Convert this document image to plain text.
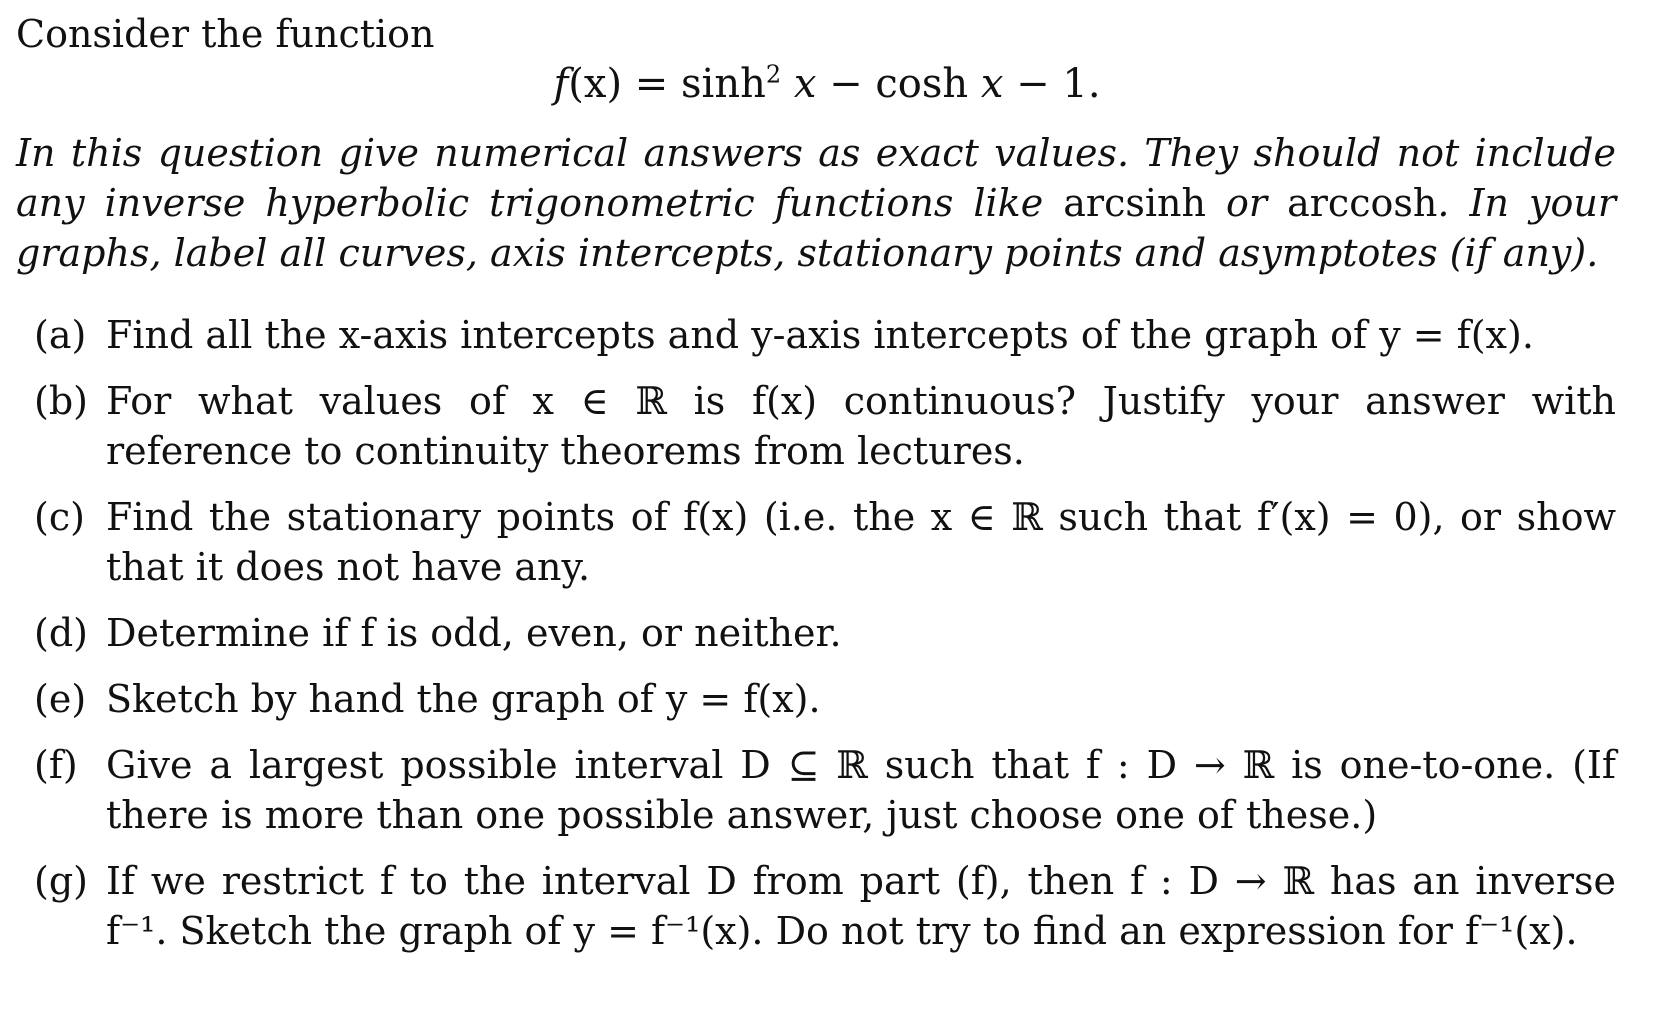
Consider the function
$f(x) = \sinh^2 x - \cosh x - 1$.
In this question give numerical answers as exact values. They should not include any inverse hyperbolic trigonometric functions like arcsinh or arccosh. In your graphs, label all curves, axis intercepts, stationary points and asymptotes (if any).
(a) Find all the x-axis intercepts and y-axis intercepts of the graph of y = f(x).
(b) For what values of x ∈ ℝ is f(x) continuous? Justify your answer with reference to continuity theorems from lectures.
(c) Find the stationary points of f(x) (i.e. the x ∈ ℝ such that f′(x) = 0), or show that it does not have any.
(d) Determine if f is odd, even, or neither.
(e) Sketch by hand the graph of y = f(x).
(f) Give a largest possible interval D ⊆ ℝ such that f : D → ℝ is one-to-one. (If there is more than one possible answer, just choose one of these.)
(g) If we restrict f to the interval D from part (f), then f : D → ℝ has an inverse f⁻¹. Sketch the graph of y = f⁻¹(x). Do not try to find an expression for f⁻¹(x).
